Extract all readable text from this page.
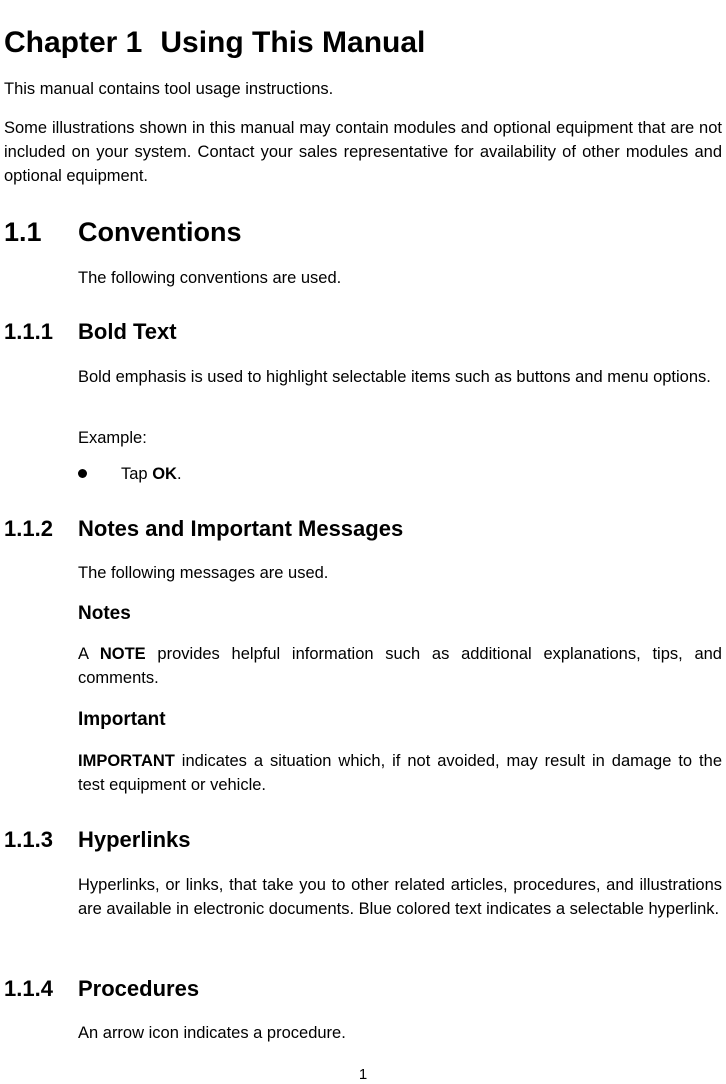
Chapter 1 Using This Manual

This manual contains tool usage instructions.

Some illustrations shown in this manual may contain modules and optional equipment that are not included on your system. Contact your sales representative for availability of other modules and optional equipment.

1.1 Conventions

The following conventions are used.

1.1.1 Bold Text

Bold emphasis is used to highlight selectable items such as buttons and menu options.

Example:

Tap OK.
1.1.2 Notes and Important Messages

The following messages are used.

Notes

A NOTE provides helpful information such as additional explanations, tips, and comments.

Important

IMPORTANT indicates a situation which, if not avoided, may result in damage to the test equipment or vehicle.

1.1.3 Hyperlinks

Hyperlinks, or links, that take you to other related articles, procedures, and illustrations are available in electronic documents. Blue colored text indicates a selectable hyperlink.

1.1.4 Procedures

An arrow icon indicates a procedure.

1
